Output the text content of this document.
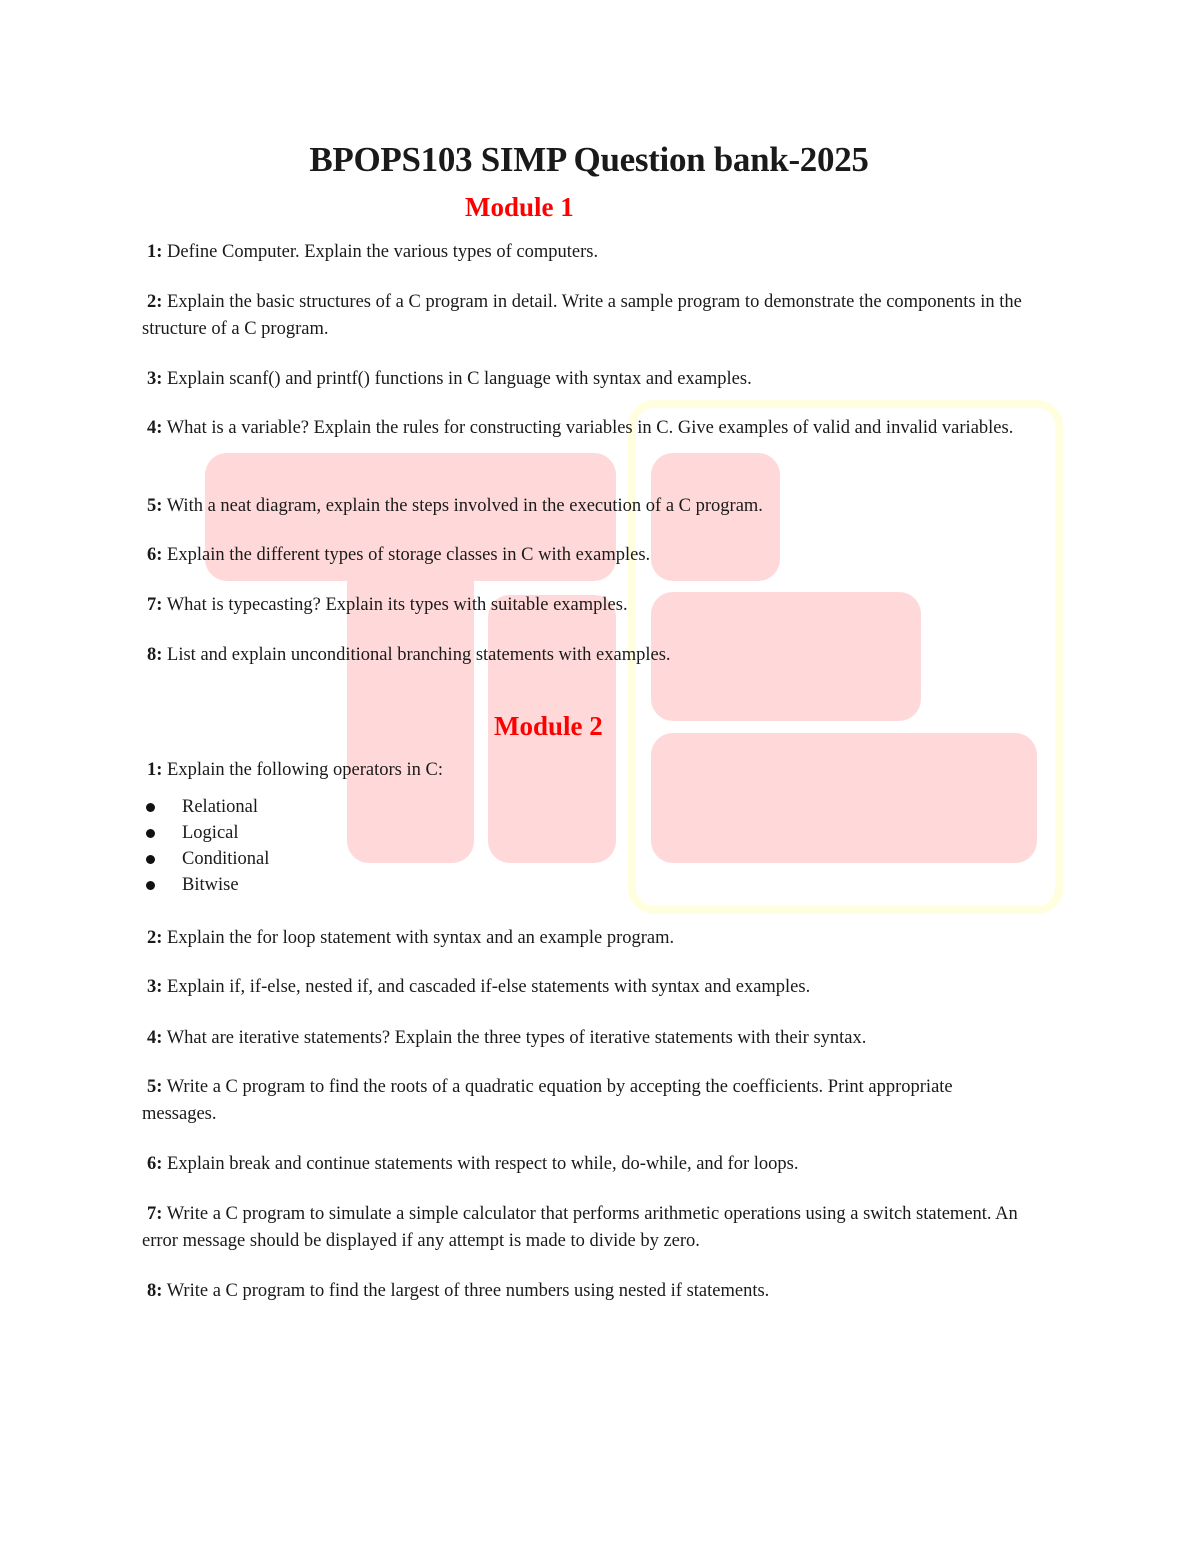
BPOPS103 SIMP Question bank-2025
Module 1
1: Define Computer. Explain the various types of computers.
2: Explain the basic structures of a C program in detail. Write a sample program to demonstrate the components in the structure of a C program.
3: Explain scanf() and printf() functions in C language with syntax and examples.
4: What is a variable? Explain the rules for constructing variables in C. Give examples of valid and invalid variables.
5: With a neat diagram, explain the steps involved in the execution of a C program.
6: Explain the different types of storage classes in C with examples.
7: What is typecasting? Explain its types with suitable examples.
8: List and explain unconditional branching statements with examples.
Module 2
1: Explain the following operators in C:
Relational
Logical
Conditional
Bitwise
2: Explain the for loop statement with syntax and an example program.
3: Explain if, if-else, nested if, and cascaded if-else statements with syntax and examples.
4: What are iterative statements? Explain the three types of iterative statements with their syntax.
5: Write a C program to find the roots of a quadratic equation by accepting the coefficients. Print appropriate messages.
6: Explain break and continue statements with respect to while, do-while, and for loops.
7: Write a C program to simulate a simple calculator that performs arithmetic operations using a switch statement. An error message should be displayed if any attempt is made to divide by zero.
8: Write a C program to find the largest of three numbers using nested if statements.
